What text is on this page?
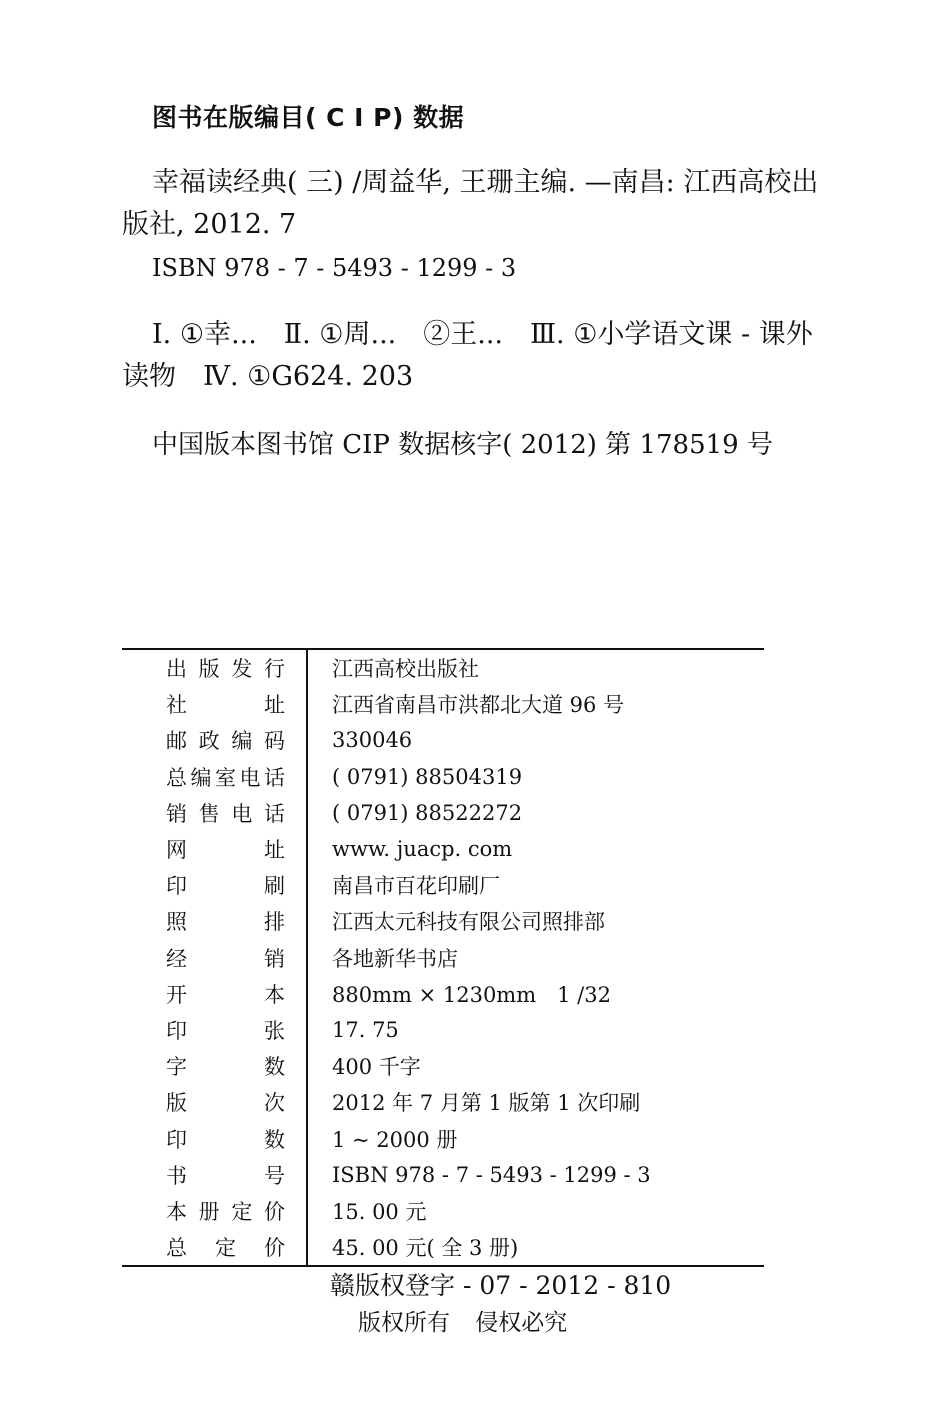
图书在版编目( C I P) 数据

幸福读经典( 三) /周益华, 王珊主编. —南昌: 江西高校出版社, 2012. 7

ISBN 978 - 7 - 5493 - 1299 - 3

Ⅰ. ①幸...　Ⅱ. ①周...　②王...　Ⅲ. ①小学语文课 - 课外读物　Ⅳ. ①G624. 203

中国版本图书馆 CIP 数据核字( 2012) 第 178519 号

出版发行	江西高校出版社
社址	江西省南昌市洪都北大道 96 号
邮政编码	330046
总编室电话	( 0791) 88504319
销售电话	( 0791) 88522272
网址	www. juacp. com
印刷	南昌市百花印刷厂
照排	江西太元科技有限公司照排部
经销	各地新华书店
开本	880mm × 1230mm　1 /32
印张	17. 75
字数	400 千字
版次	2012 年 7 月第 1 版第 1 次印刷
印数	1 ~ 2000 册
书号	ISBN 978 - 7 - 5493 - 1299 - 3
本册定价	15. 00 元
总定价	45. 00 元( 全 3 册)
赣版权登字 - 07 - 2012 - 810
版权所有 侵权必究
